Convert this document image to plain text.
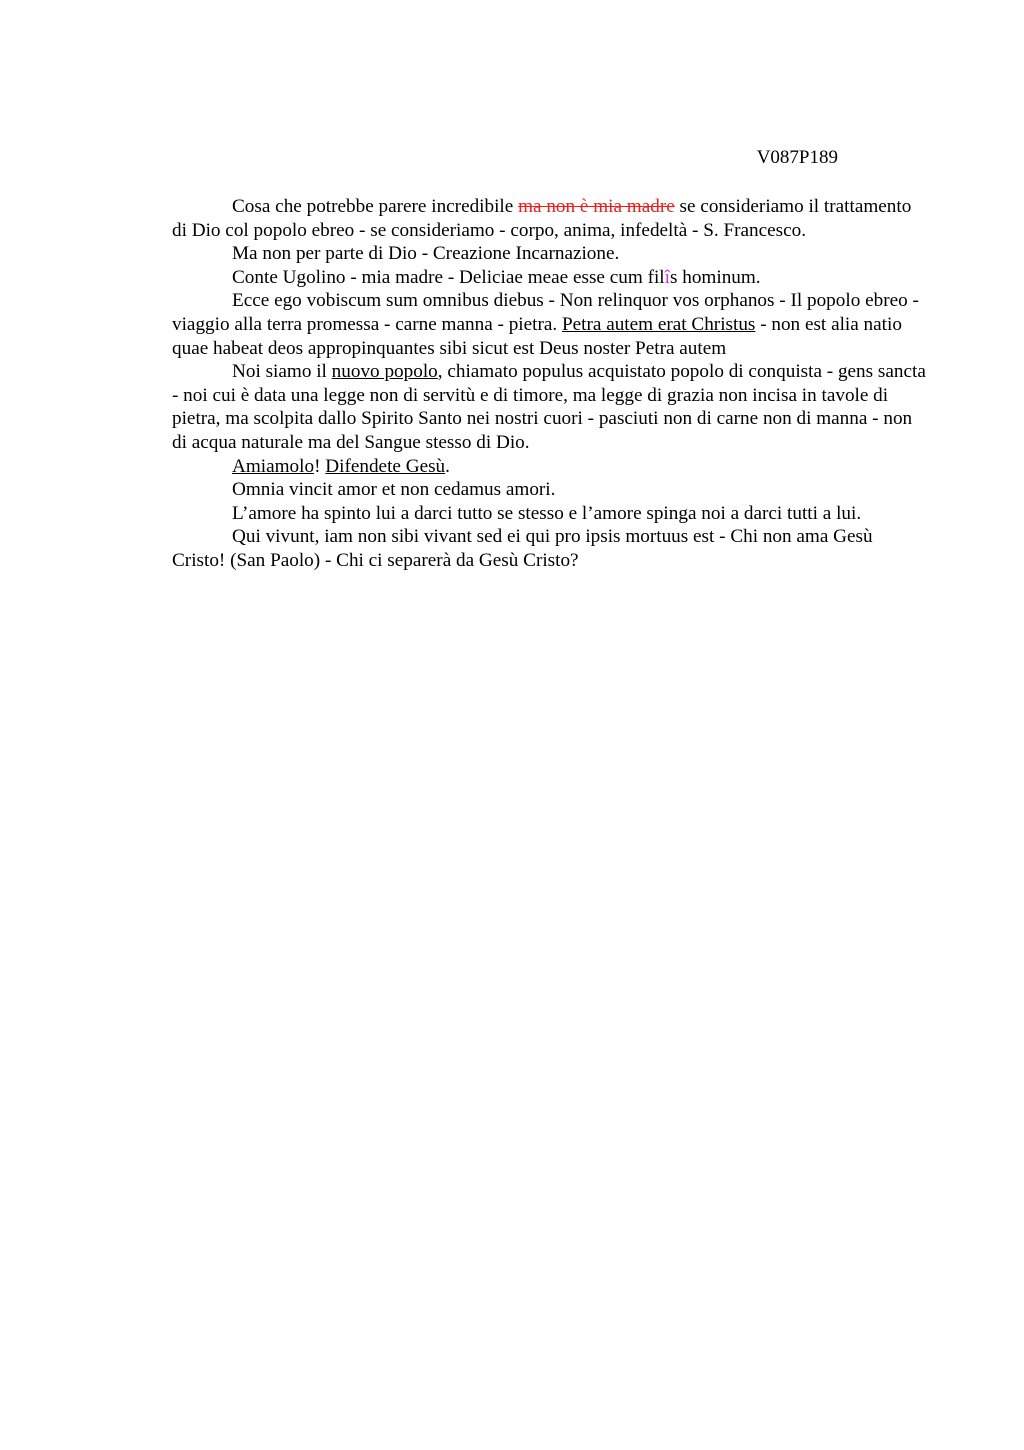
V087P189

Cosa che potrebbe parere incredibile ma non è mia madre se consideriamo il trattamento di Dio col popolo ebreo - se consideriamo - corpo, anima, infedeltà - S. Francesco.

Ma non per parte di Dio - Creazione Incarnazione.

Conte Ugolino - mia madre - Deliciae meae esse cum filîs hominum.

Ecce ego vobiscum sum omnibus diebus - Non relinquor vos orphanos - Il popolo ebreo - viaggio alla terra promessa - carne manna - pietra. Petra autem erat Christus - non est alia natio quae habeat deos appropinquantes sibi sicut est Deus noster Petra autem

Noi siamo il nuovo popolo, chiamato populus acquistato popolo di conquista - gens sancta - noi cui è data una legge non di servitù e di timore, ma legge di grazia non incisa in tavole di pietra, ma scolpita dallo Spirito Santo nei nostri cuori - pasciuti non di carne non di manna - non di acqua naturale ma del Sangue stesso di Dio.

Amiamolo! Difendete Gesù.

Omnia vincit amor et non cedamus amori.

L’amore ha spinto lui a darci tutto se stesso e l’amore spinga noi a darci tutti a lui.

Qui vivunt, iam non sibi vivant sed ei qui pro ipsis mortuus est - Chi non ama Gesù Cristo! (San Paolo) - Chi ci separerà da Gesù Cristo?
